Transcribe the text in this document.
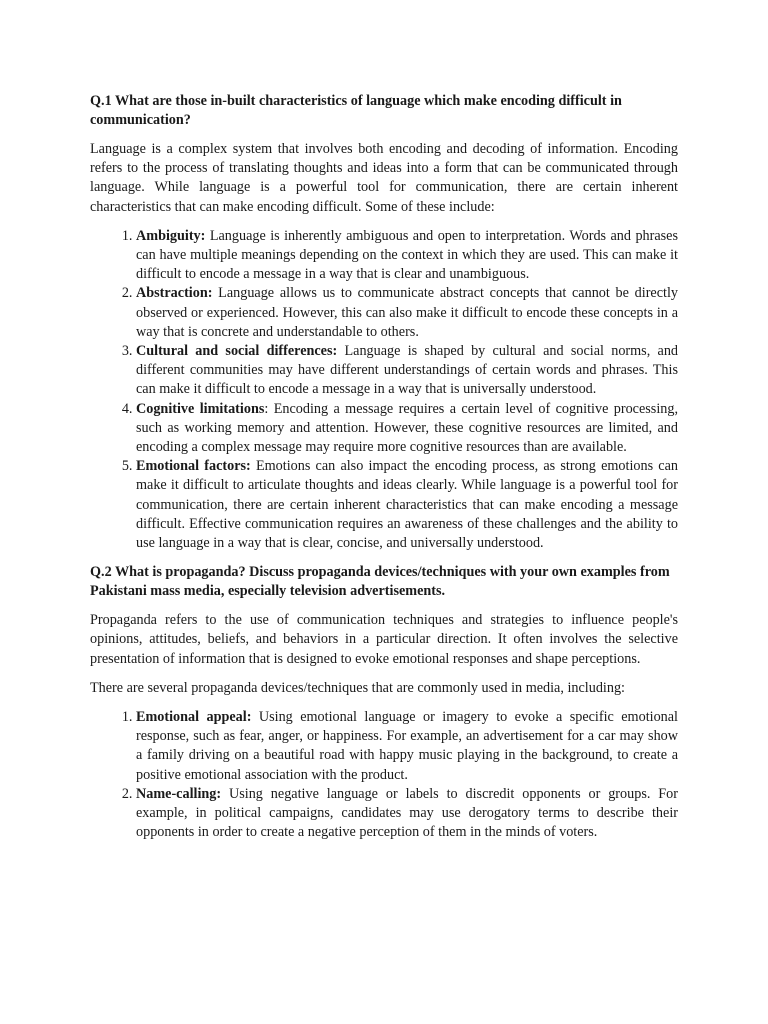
Q.1 What are those in-built characteristics of language which make encoding difficult in communication?

Language is a complex system that involves both encoding and decoding of information. Encoding refers to the process of translating thoughts and ideas into a form that can be communicated through language. While language is a powerful tool for communication, there are certain inherent characteristics that can make encoding difficult. Some of these include:

1. Ambiguity: Language is inherently ambiguous and open to interpretation. Words and phrases can have multiple meanings depending on the context in which they are used. This can make it difficult to encode a message in a way that is clear and unambiguous.
2. Abstraction: Language allows us to communicate abstract concepts that cannot be directly observed or experienced. However, this can also make it difficult to encode these concepts in a way that is concrete and understandable to others.
3. Cultural and social differences: Language is shaped by cultural and social norms, and different communities may have different understandings of certain words and phrases. This can make it difficult to encode a message in a way that is universally understood.
4. Cognitive limitations: Encoding a message requires a certain level of cognitive processing, such as working memory and attention. However, these cognitive resources are limited, and encoding a complex message may require more cognitive resources than are available.
5. Emotional factors: Emotions can also impact the encoding process, as strong emotions can make it difficult to articulate thoughts and ideas clearly. While language is a powerful tool for communication, there are certain inherent characteristics that can make encoding a message difficult. Effective communication requires an awareness of these challenges and the ability to use language in a way that is clear, concise, and universally understood.

Q.2 What is propaganda? Discuss propaganda devices/techniques with your own examples from Pakistani mass media, especially television advertisements.

Propaganda refers to the use of communication techniques and strategies to influence people's opinions, attitudes, beliefs, and behaviors in a particular direction. It often involves the selective presentation of information that is designed to evoke emotional responses and shape perceptions.

There are several propaganda devices/techniques that are commonly used in media, including:

1. Emotional appeal: Using emotional language or imagery to evoke a specific emotional response, such as fear, anger, or happiness. For example, an advertisement for a car may show a family driving on a beautiful road with happy music playing in the background, to create a positive emotional association with the product.
2. Name-calling: Using negative language or labels to discredit opponents or groups. For example, in political campaigns, candidates may use derogatory terms to describe their opponents in order to create a negative perception of them in the minds of voters.
